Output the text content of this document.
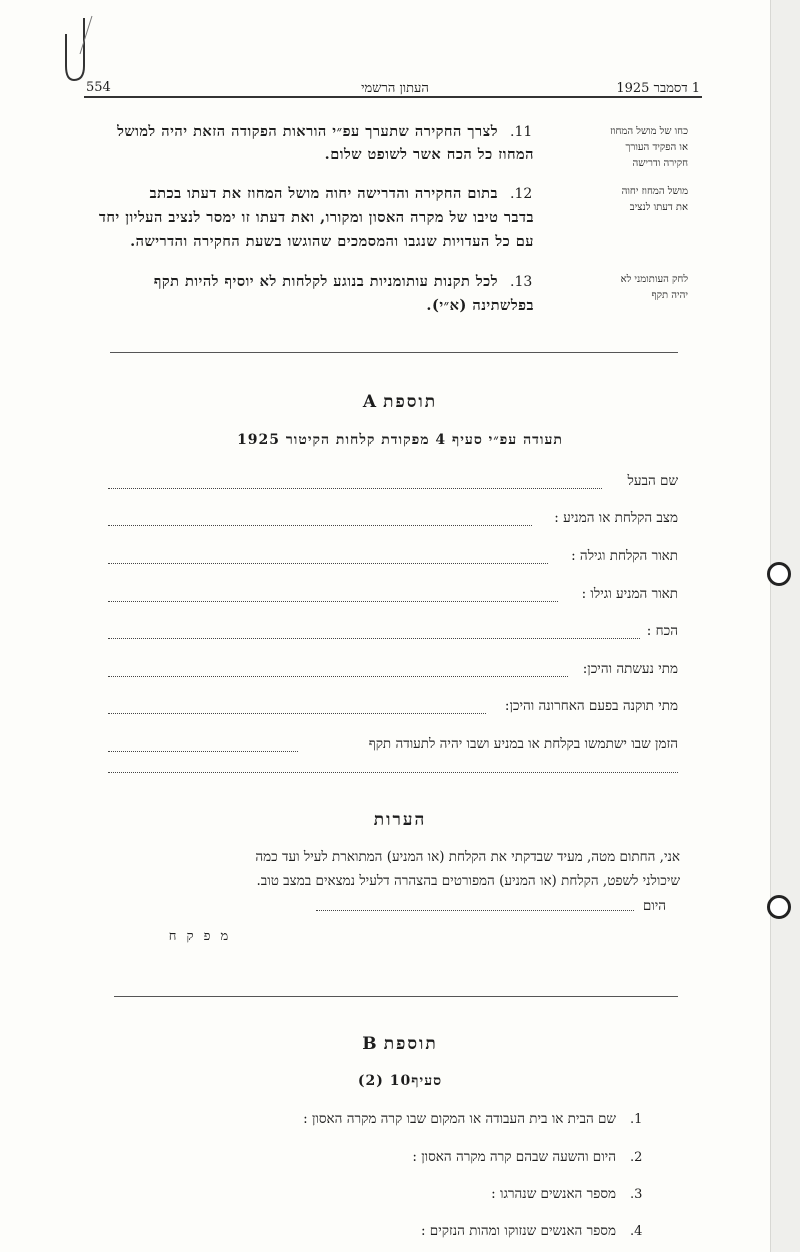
554	העתון הרשמי	1 דסמבר 1925
כחו של מושל המחוז
או הפקיד העורך
חקירה ודרישה
.11
לצרך החקירה שתערך עפ״י הוראות הפקודה הזאת יהיה למושל
המחוז כל הכח אשר לשופט שלום.
מושל המחוז יחוה
את דעתו לנציב
.12
בתום החקירה והדרישה יחוה מושל המחוז את דעתו בכתב
בדבר טיבו של מקרה האסון ומקורו, ואת דעתו זו ימסר לנציב העליון יחד
עם כל העדויות שנגבו והמסמכים שהוגשו בשעת החקירה והדרישה.
לחק העותומני לא
יהיה תקף
.13
לכל תקנות עותומניות בנוגע לקלחות לא יוסיף להיות תקף
בפלשתינה (א״י).
A תוספת
תעודה עפ״י סעיף 4 מפקודת קלחות הקיטור 1925
שם הבעל
מצב הקלחת או המניע :
תאור הקלחת וגילה :
תאור המניע וגילו :
הכח :
מתי נעשתה והיכן:
מתי תוקנה בפעם האחרונה והיכן:
הזמן שבו ישתמשו בקלחת או במניע ושבו יהיה לתעודה תקף
הערות
אני, החתום מטה, מעיד שבדקתי את הקלחת (או המניע) המתוארת לעיל ועד כמה
שיכולני לשפט, הקלחת (או המניע) המפורטים בהצהרה דלעיל נמצאים במצב טוב.
היום
מ פ ק ח
B תוספת
סעיף10 (2)
.1
שם הבית או בית העבודה או המקום שבו קרה מקרה האסון :
.2
היום והשעה שבהם קרה מקרה האסון :
.3
מספר האנשים שנהרגו :
.4
מספר האנשים שנזוקו ומהות הנזקים :
